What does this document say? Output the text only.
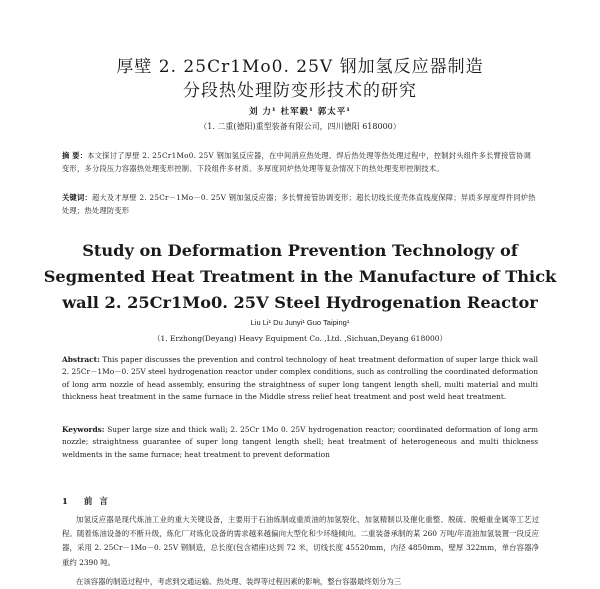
厚壁 2. 25Cr1Mo0. 25V 钢加氢反应器制造
分段热处理防变形技术的研究
刘 力¹ 杜军毅¹ 郭太平¹
（1. 二重(德阳)重型装备有限公司，四川德阳 618000）
摘 要：本文探讨了厚壁 2. 25Cr1Mo0. 25V 钢加氢反应器，在中间消应热处理、焊后热处理等热处理过程中，控制封头组件多长臂接管协调变形，多分段压力容器热处理变形控制、下段组件多材质、多厚度同炉热处理等复杂情况下的热处理变形控制技术。
关键词：超大及才厚壁 2. 25Cr－1Mo－0. 25V 钢加氢反应器；多长臂接管协调变形；超长切线长度壳体直线度保障；异质多厚度焊件同炉热处理；热处理防变形
Study on Deformation Prevention Technology of
Segmented Heat Treatment in the Manufacture of Thick
wall 2. 25Cr1Mo0. 25V Steel Hydrogenation Reactor
Liu Li¹ Du Junyi¹ Guo Taiping¹
（1. Erzhong(Deyang) Heavy Equipment Co. ,Ltd. ,Sichuan,Deyang 618000）
Abstract: This paper discusses the prevention and control technology of heat treatment deformation of super large thick wall 2. 25Cr－1Mo－0. 25V steel hydrogenation reactor under complex conditions, such as controlling the coordinated deformation of long arm nozzle of head assembly, ensuring the straightness of super long tangent length shell, multi material and multi thickness heat treatment in the same furnace in the Middle stress relief heat treatment and post weld heat treatment.
Keywords: Super large size and thick wall; 2. 25Cr 1Mo 0. 25V hydrogenation reactor; coordinated deformation of long arm nozzle; straightness guarantee of super long tangent length shell; heat treatment of heterogeneous and multi thickness weldments in the same furnace; heat treatment to prevent deformation
1 前 言
加氢反应器是现代炼油工业的重大关键设备，主要用于石油炼制或重质油的加氢裂化、加氢精制以及催化重整、脱硫、脱蜡重金属等工艺过程。随着炼油设备的不断升级，炼化厂对炼化设备的需求越来越偏向大型化和少环缝倾向。二重装备承制的某 260 万吨/年渣油加氢装置一段反应器，采用 2. 25Cr－1Mo－0. 25V 钢制造，总长度(包含裙座)达到 72 米，切线长度 45520mm，内径 4850mm，壁厚 322mm，单台容器净重约 2390 吨。
在该容器的制造过程中，考虑到交通运输、热处理、装焊等过程因素的影响，整台容器最终划分为三
